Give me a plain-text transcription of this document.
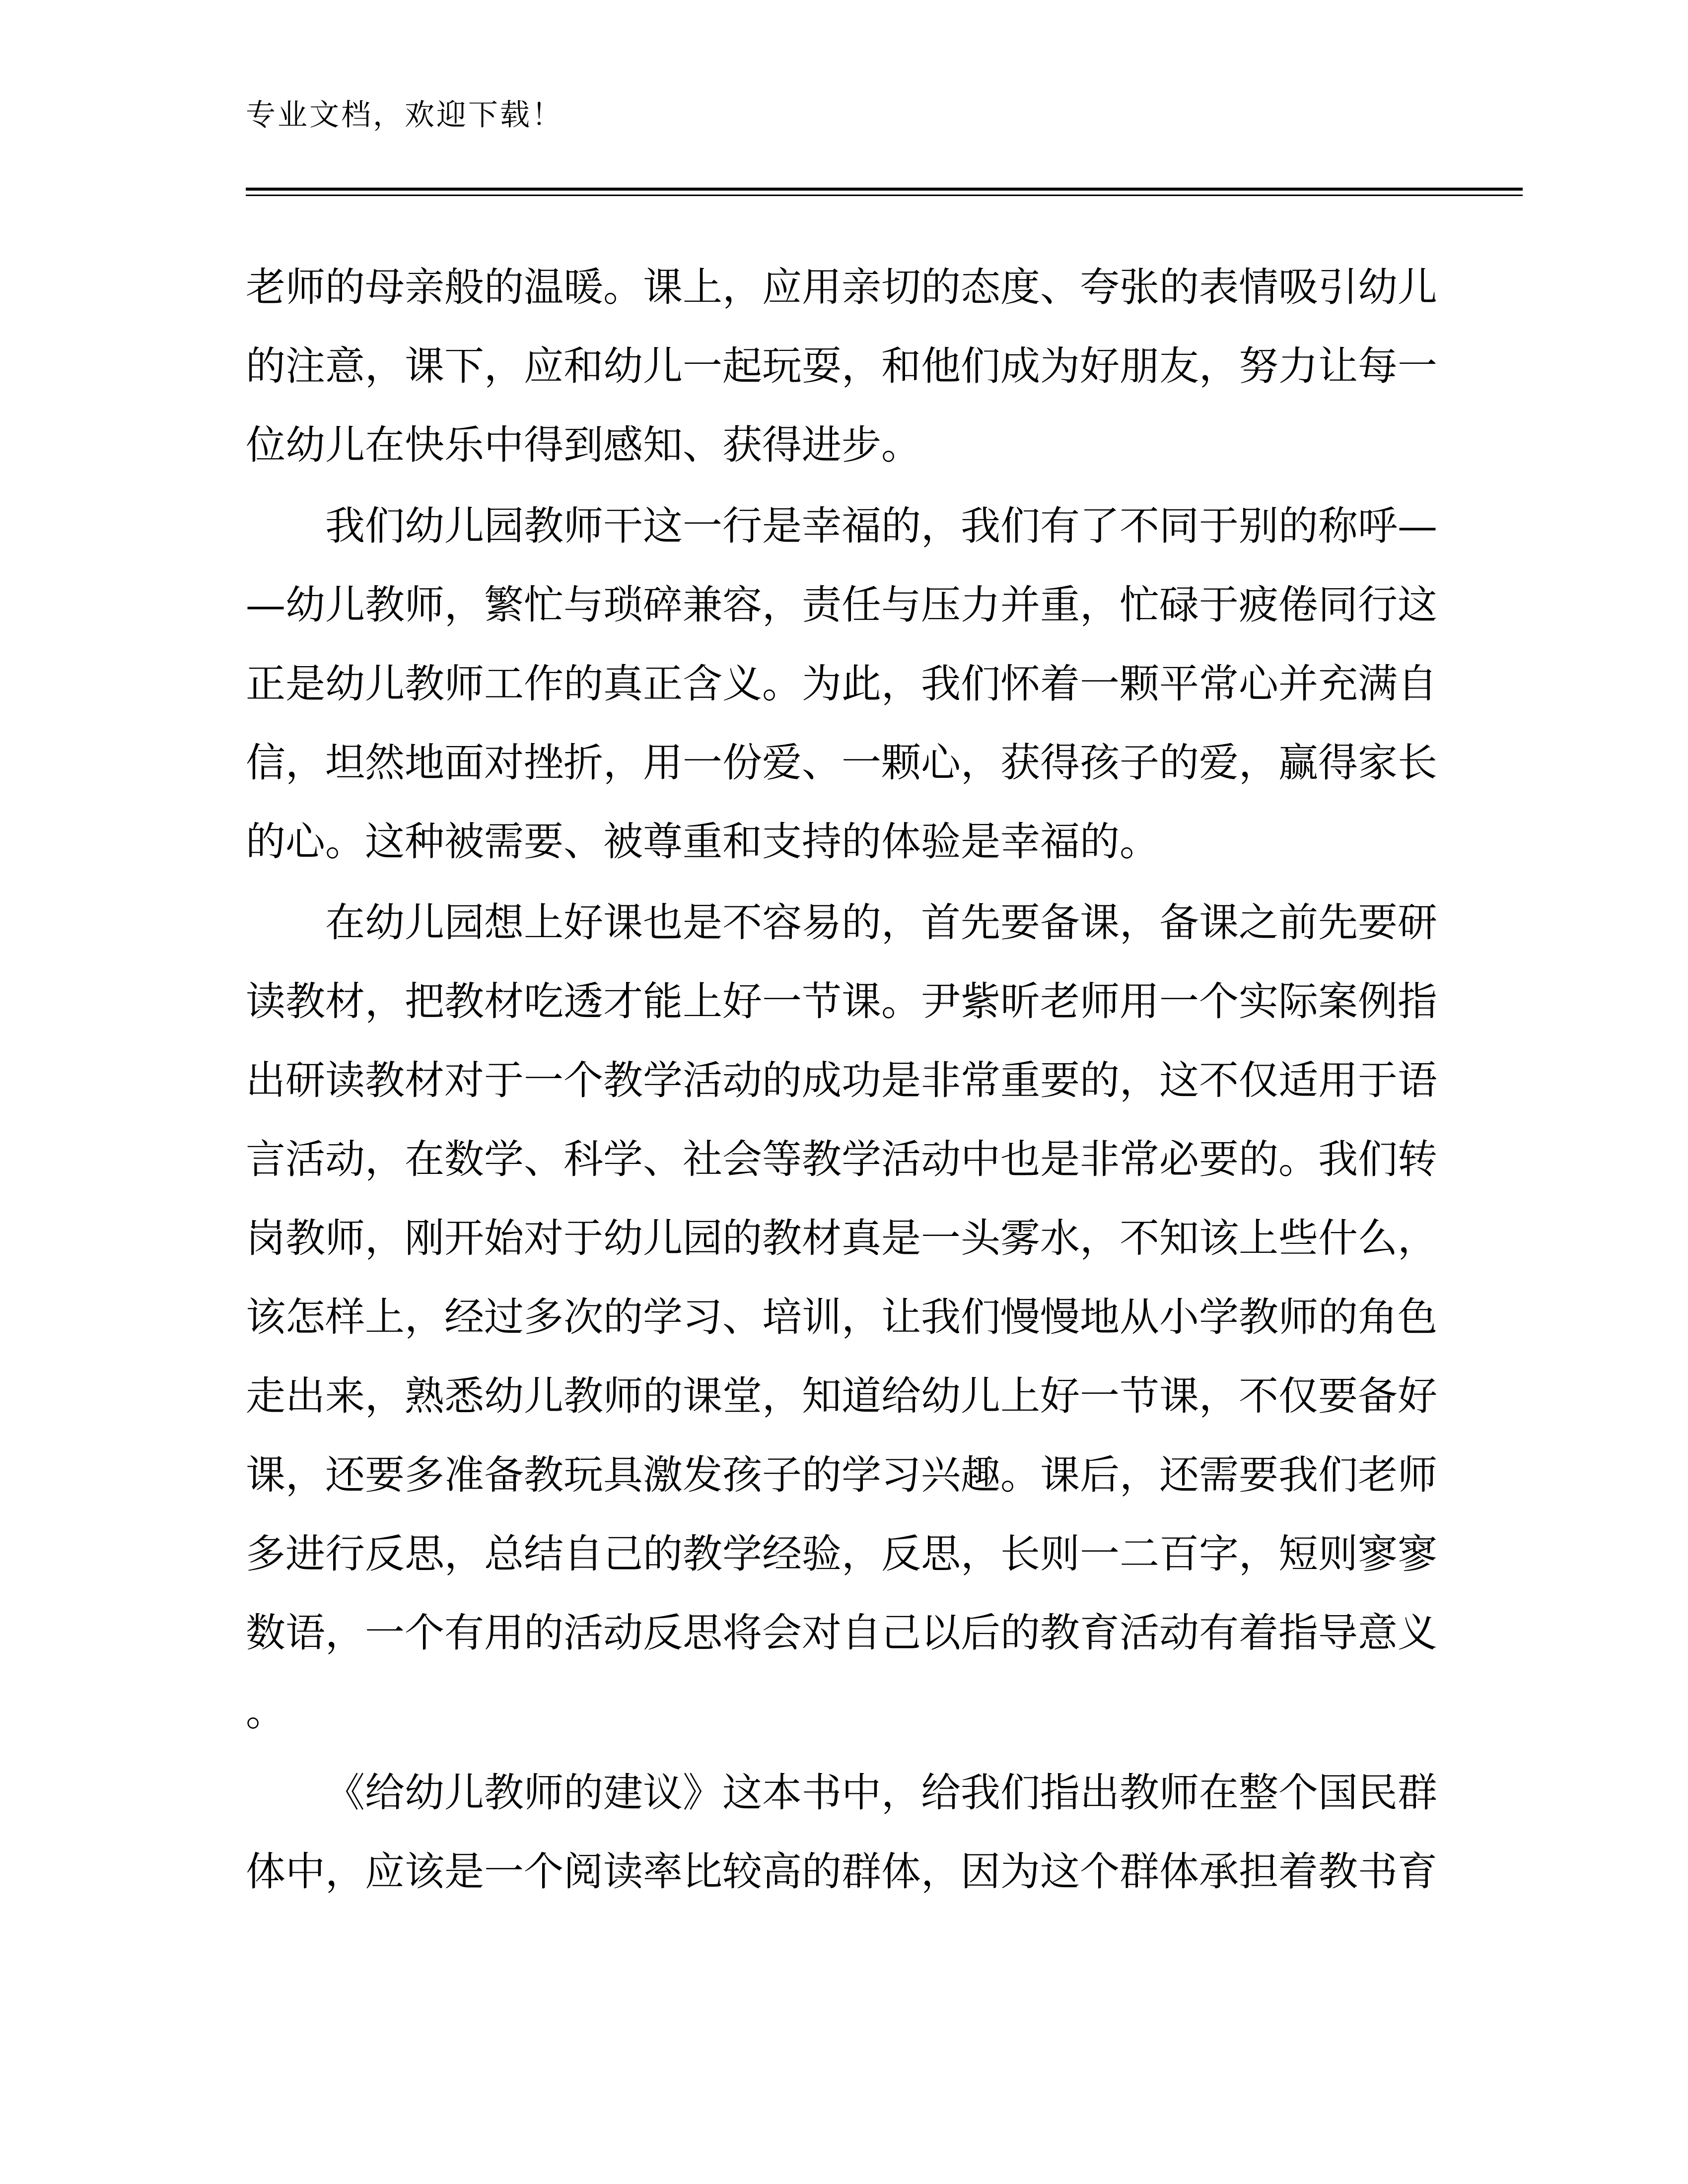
专业文档，欢迎下载！
老师的母亲般的温暖。课上，应用亲切的态度、夸张的表情吸引幼儿
的注意，课下，应和幼儿一起玩耍，和他们成为好朋友，努力让每一
位幼儿在快乐中得到感知、获得进步。
我们幼儿园教师干这一行是幸福的，我们有了不同于别的称呼—
—幼儿教师，繁忙与琐碎兼容，责任与压力并重，忙碌于疲倦同行这
正是幼儿教师工作的真正含义。为此，我们怀着一颗平常心并充满自
信，坦然地面对挫折，用一份爱、一颗心，获得孩子的爱，赢得家长
的心。这种被需要、被尊重和支持的体验是幸福的。
在幼儿园想上好课也是不容易的，首先要备课，备课之前先要研
读教材，把教材吃透才能上好一节课。尹紫昕老师用一个实际案例指
出研读教材对于一个教学活动的成功是非常重要的，这不仅适用于语
言活动，在数学、科学、社会等教学活动中也是非常必要的。我们转
岗教师，刚开始对于幼儿园的教材真是一头雾水，不知该上些什么，
该怎样上，经过多次的学习、培训，让我们慢慢地从小学教师的角色
走出来，熟悉幼儿教师的课堂，知道给幼儿上好一节课，不仅要备好
课，还要多准备教玩具激发孩子的学习兴趣。课后，还需要我们老师
多进行反思，总结自己的教学经验，反思，长则一二百字，短则寥寥
数语，一个有用的活动反思将会对自己以后的教育活动有着指导意义
。
《给幼儿教师的建议》这本书中，给我们指出教师在整个国民群
体中，应该是一个阅读率比较高的群体，因为这个群体承担着教书育
